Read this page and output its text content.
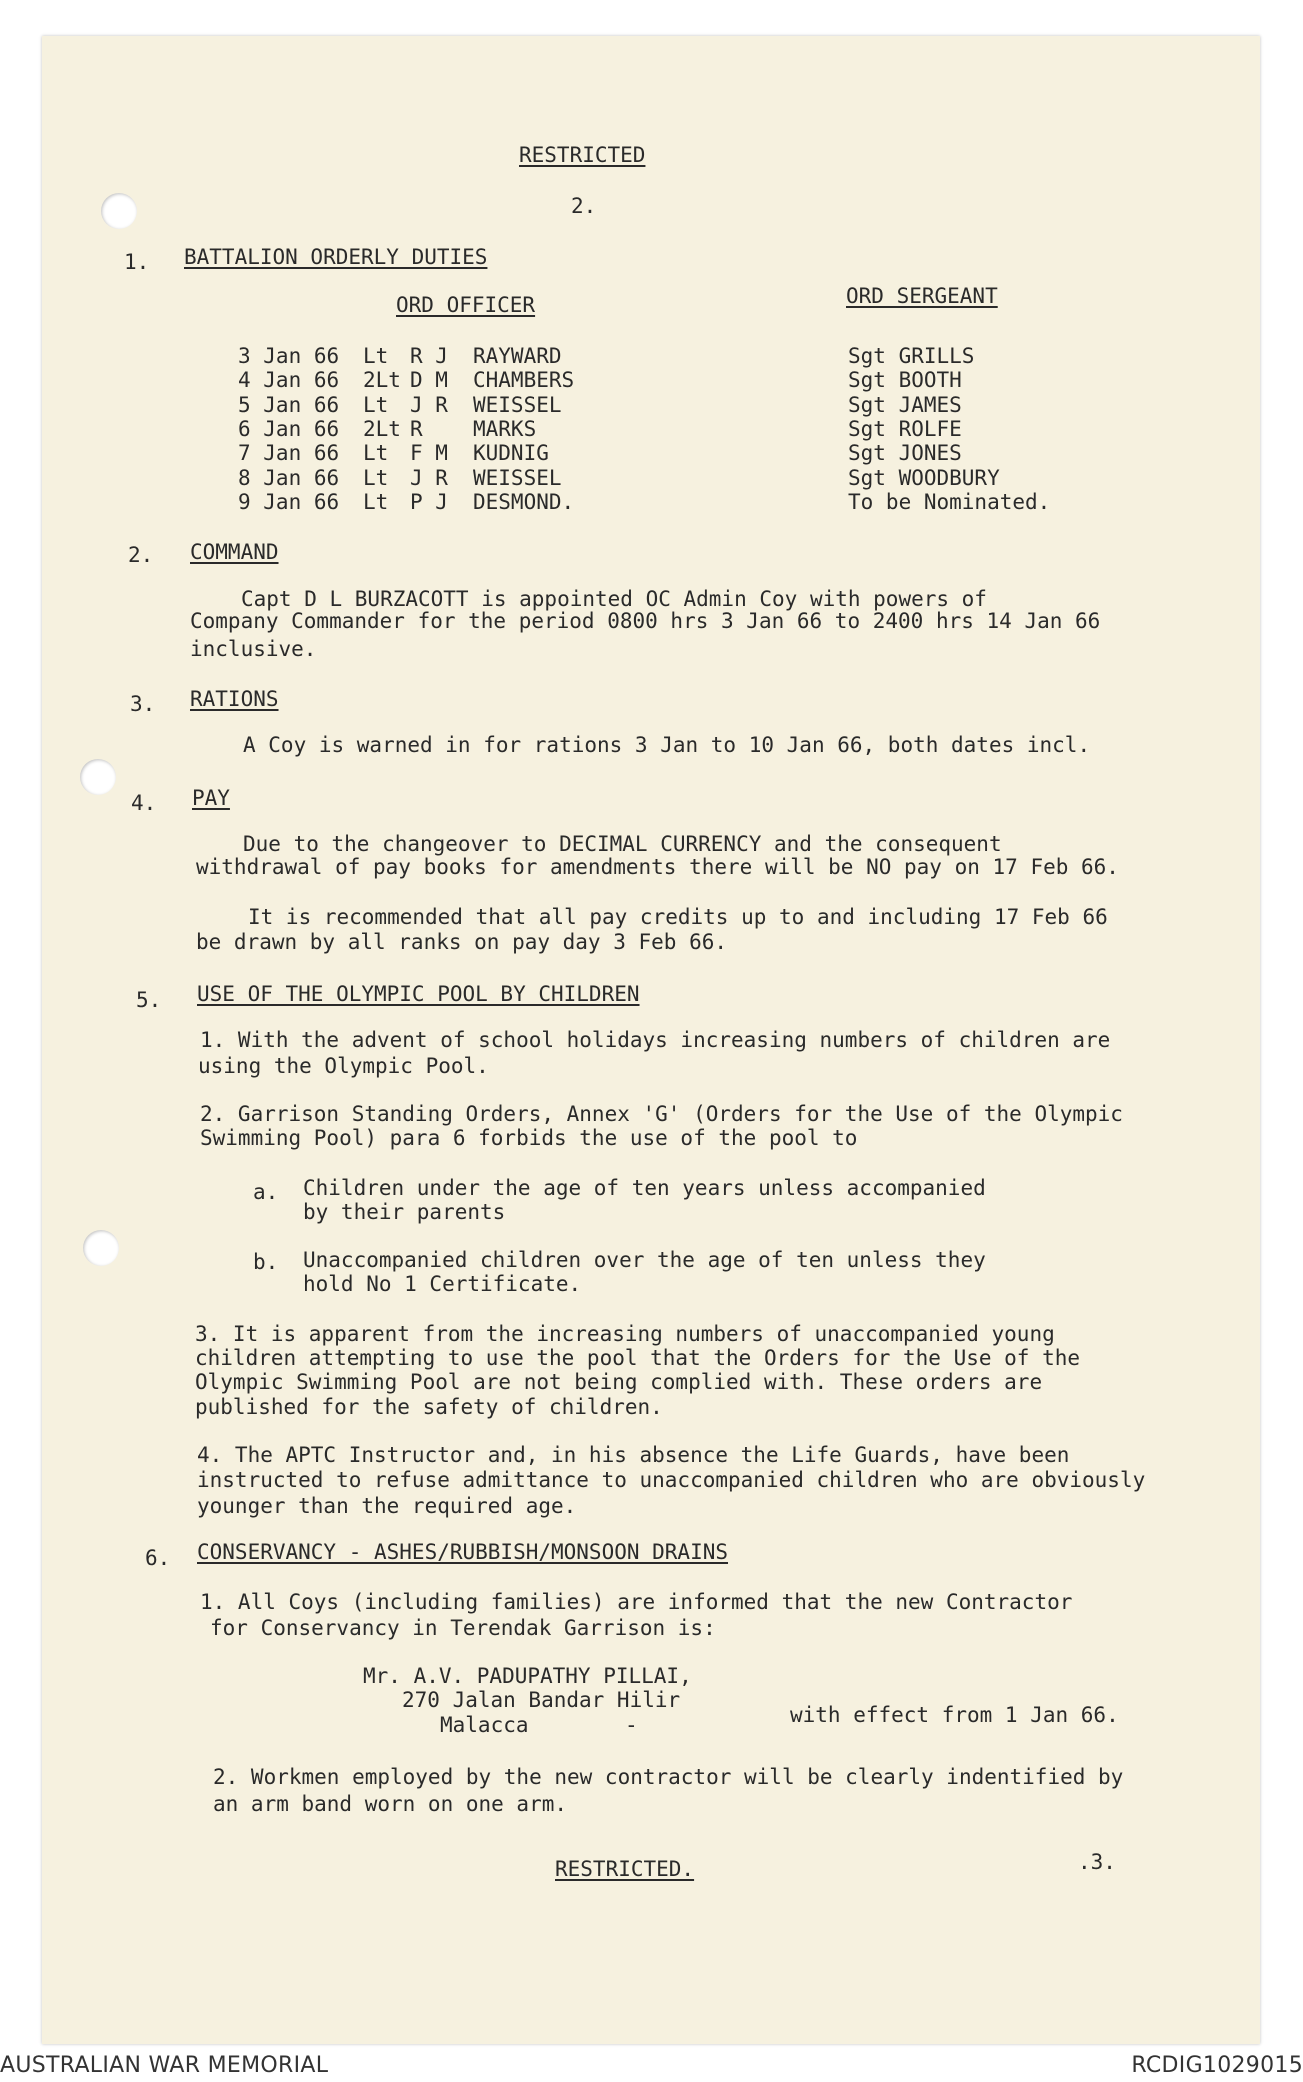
RESTRICTED
2.
1. BATTALION ORDERLY DUTIES
ORD OFFICER	ORD SERGEANT
3 Jan 66 Lt R J RAYWARD	Sgt GRILLS
4 Jan 66 2Lt D M CHAMBERS	Sgt BOOTH
5 Jan 66 Lt J R WEISSEL	Sgt JAMES
6 Jan 66 2Lt R MARKS	Sgt ROLFE
7 Jan 66 Lt F M KUDNIG	Sgt JONES
8 Jan 66 Lt J R WEISSEL	Sgt WOODBURY
9 Jan 66 Lt P J DESMOND.	To be Nominated.
2. COMMAND
Capt D L BURZACOTT is appointed OC Admin Coy with powers of
Company Commander for the period 0800 hrs 3 Jan 66 to 2400 hrs 14 Jan 66
inclusive.
3. RATIONS
A Coy is warned in for rations 3 Jan to 10 Jan 66, both dates incl.
4. PAY
Due to the changeover to DECIMAL CURRENCY and the consequent
withdrawal of pay books for amendments there will be NO pay on 17 Feb 66.
It is recommended that all pay credits up to and including 17 Feb 66
be drawn by all ranks on pay day 3 Feb 66.
5. USE OF THE OLYMPIC POOL BY CHILDREN
1. With the advent of school holidays increasing numbers of children are
using the Olympic Pool.
2. Garrison Standing Orders, Annex 'G' (Orders for the Use of the Olympic
Swimming Pool) para 6 forbids the use of the pool to
a. Children under the age of ten years unless accompanied
by their parents
b. Unaccompanied children over the age of ten unless they
hold No 1 Certificate.
3. It is apparent from the increasing numbers of unaccompanied young
children attempting to use the pool that the Orders for the Use of the
Olympic Swimming Pool are not being complied with. These orders are
published for the safety of children.
4. The APTC Instructor and, in his absence the Life Guards, have been
instructed to refuse admittance to unaccompanied children who are obviously
younger than the required age.
6. CONSERVANCY - ASHES/RUBBISH/MONSOON DRAINS
1. All Coys (including families) are informed that the new Contractor
for Conservancy in Terendak Garrison is:
Mr. A.V. PADUPATHY PILLAI,
270 Jalan Bandar Hilir
Malacca	-	with effect from 1 Jan 66.
2. Workmen employed by the new contractor will be clearly indentified by
an arm band worn on one arm.
RESTRICTED.	.3.
AUSTRALIAN WAR MEMORIAL	RCDIG1029015
